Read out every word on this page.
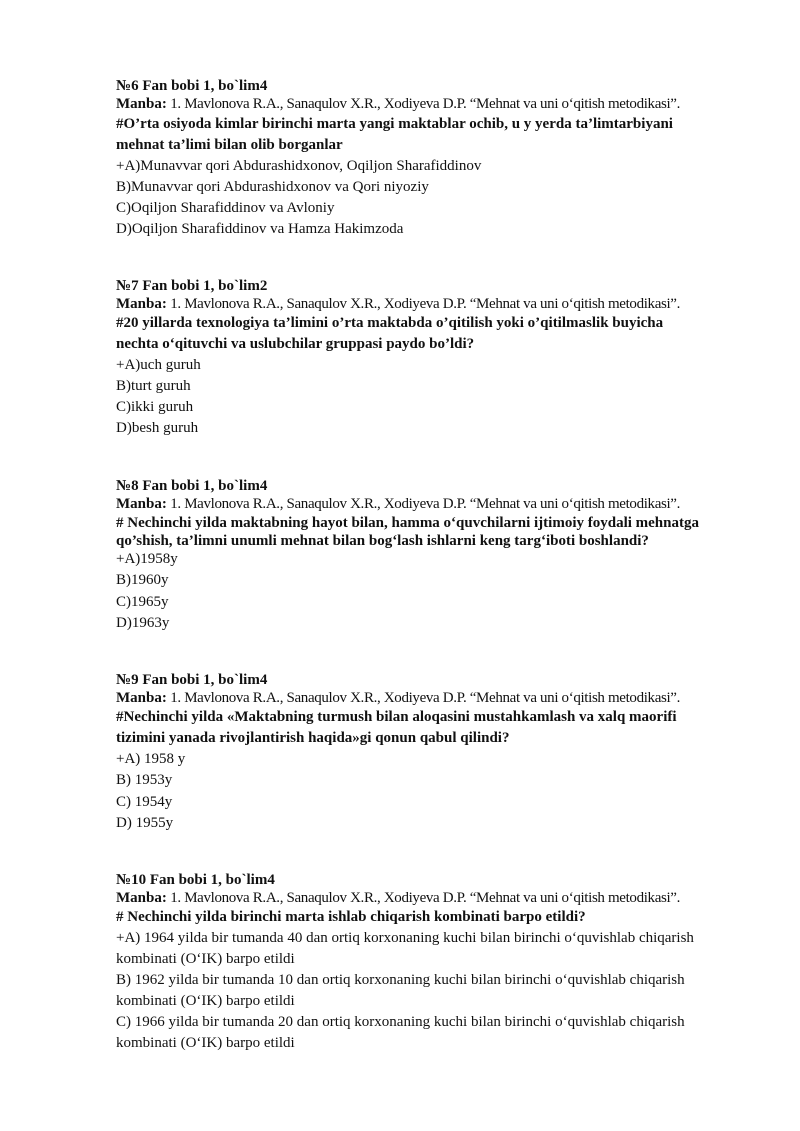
№6 Fan bobi 1, bo`lim4
Manba: 1. Mavlonova R.A., Sanaqulov X.R., Xodiyeva D.P. “Mehnat va uni oʻqitish metodikasi”.
#O’rta osiyoda kimlar birinchi marta yangi maktablar ochib, u y yerda ta’limtarbiyani
mehnat ta’limi bilan olib borganlar
+A)Munavvar qori Abdurashidxonov, Oqiljon Sharafiddinov
B)Munavvar qori Abdurashidxonov va Qori niyoziy
C)Oqiljon Sharafiddinov va Avloniy
D)Oqiljon Sharafiddinov va Hamza Hakimzoda
№7 Fan bobi 1, bo`lim2
Manba: 1. Mavlonova R.A., Sanaqulov X.R., Xodiyeva D.P. “Mehnat va uni oʻqitish metodikasi”.
#20 yillarda texnologiya ta’limini o’rta maktabda o’qitilish yoki o’qitilmaslik buyicha
nechta oʻqituvchi va uslubchilar gruppasi paydo bo’ldi?
+A)uch guruh
B)turt guruh
C)ikki guruh
D)besh guruh
№8 Fan bobi 1, bo`lim4
Manba: 1. Mavlonova R.A., Sanaqulov X.R., Xodiyeva D.P. “Mehnat va uni oʻqitish metodikasi”.
# Nechinchi yilda maktabning hayot bilan, hamma oʻquvchilarni ijtimoiy foydali mehnatga
qo’shish, ta’limni unumli mehnat bilan bogʻlash ishlarni keng targʻiboti boshlandi?
+A)1958y
B)1960y
C)1965y
D)1963y
№9 Fan bobi 1, bo`lim4
Manba: 1. Mavlonova R.A., Sanaqulov X.R., Xodiyeva D.P. “Mehnat va uni oʻqitish metodikasi”.
#Nechinchi yilda «Maktabning turmush bilan aloqasini mustahkamlash va xalq maorifi
tizimini yanada rivojlantirish haqida»gi qonun qabul qilindi?
+A) 1958 y
B) 1953y
C) 1954y
D) 1955y
№10 Fan bobi 1, bo`lim4
Manba: 1. Mavlonova R.A., Sanaqulov X.R., Xodiyeva D.P. “Mehnat va uni oʻqitish metodikasi”.
# Nechinchi yilda birinchi marta ishlab chiqarish kombinati barpo etildi?
+A) 1964 yilda bir tumanda 40 dan ortiq korxonaning kuchi bilan birinchi oʻquvishlab chiqarish
kombinati (OʻIK) barpo etildi
B) 1962 yilda bir tumanda 10 dan ortiq korxonaning kuchi bilan birinchi oʻquvishlab chiqarish
kombinati (OʻIK) barpo etildi
C) 1966 yilda bir tumanda 20 dan ortiq korxonaning kuchi bilan birinchi oʻquvishlab chiqarish
kombinati (OʻIK) barpo etildi
